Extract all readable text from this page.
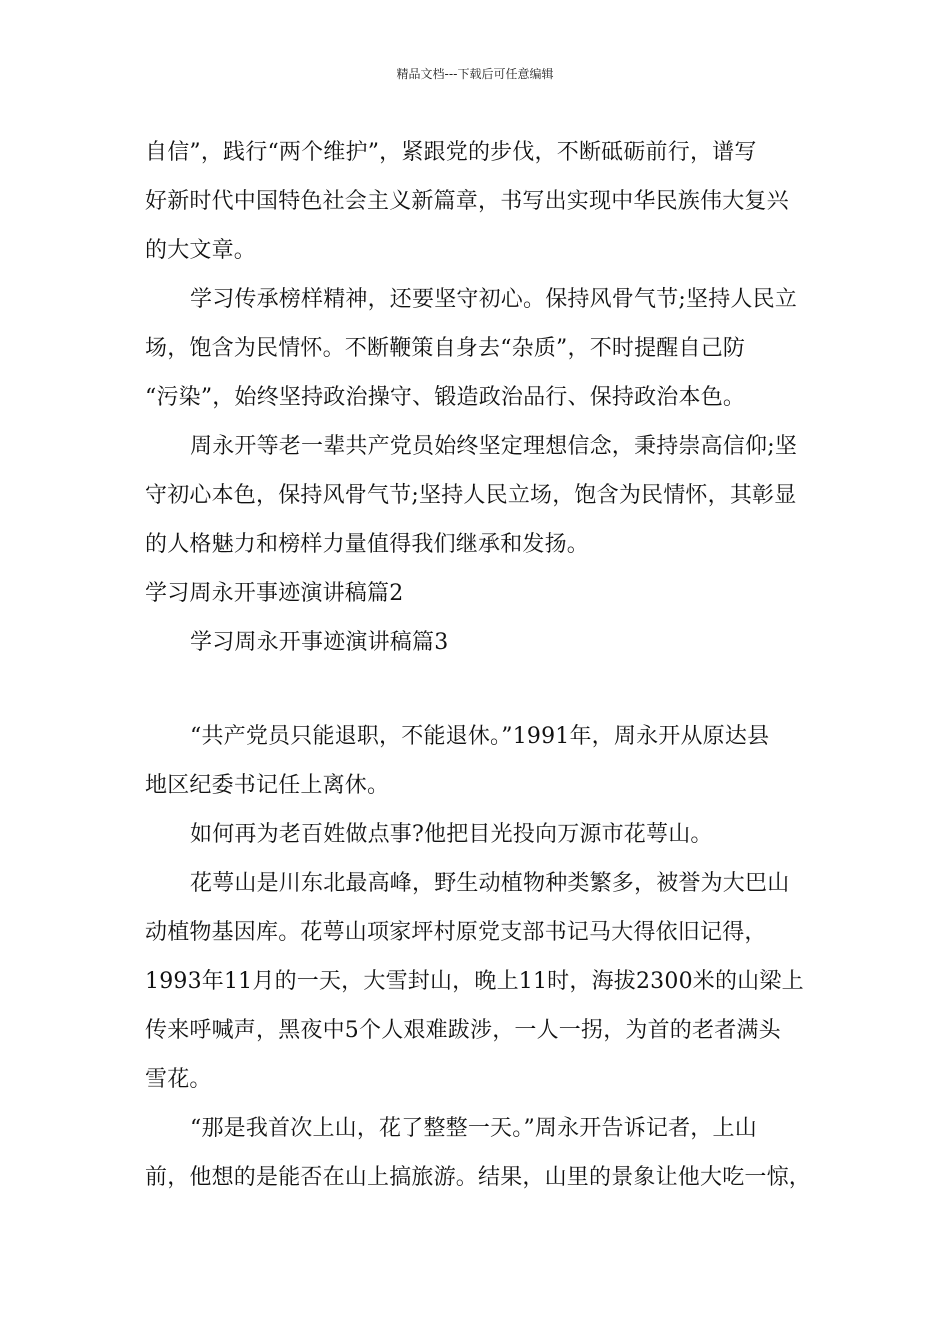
精品文档---下载后可任意编辑
自信”，践行“两个维护”，紧跟党的步伐，不断砥砺前行，谱写
好新时代中国特色社会主义新篇章，书写出实现中华民族伟大复兴
的大文章。
学习传承榜样精神，还要坚守初心。保持风骨气节;坚持人民立
场，饱含为民情怀。不断鞭策自身去“杂质”，不时提醒自己防
“污染”，始终坚持政治操守、锻造政治品行、保持政治本色。
周永开等老一辈共产党员始终坚定理想信念，秉持崇高信仰;坚
守初心本色，保持风骨气节;坚持人民立场，饱含为民情怀，其彰显
的人格魅力和榜样力量值得我们继承和发扬。
学习周永开事迹演讲稿篇2
学习周永开事迹演讲稿篇3
“共产党员只能退职，不能退休。”1991年，周永开从原达县
地区纪委书记任上离休。
如何再为老百姓做点事?他把目光投向万源市花萼山。
花萼山是川东北最高峰，野生动植物种类繁多，被誉为大巴山
动植物基因库。花萼山项家坪村原党支部书记马大得依旧记得，
1993年11月的一天，大雪封山，晚上11时，海拔2300米的山梁上
传来呼喊声，黑夜中5个人艰难跋涉，一人一拐，为首的老者满头
雪花。
“那是我首次上山，花了整整一天。”周永开告诉记者，上山
前，他想的是能否在山上搞旅游。结果，山里的景象让他大吃一惊，
